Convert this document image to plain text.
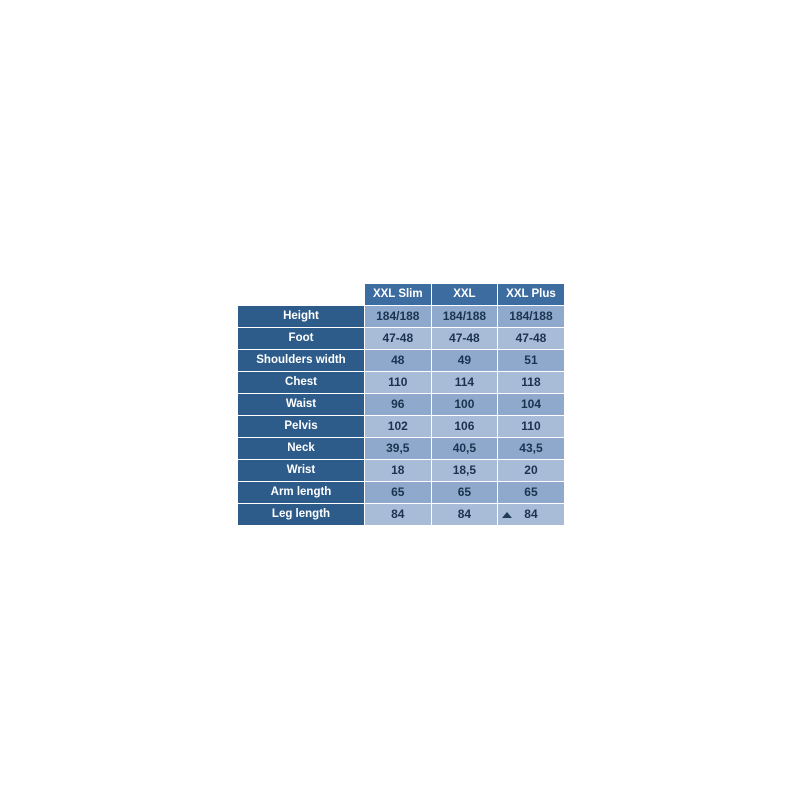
	XXL Slim	XXL	XXL Plus
Height	184/188	184/188	184/188
Foot	47-48	47-48	47-48
Shoulders width	48	49	51
Chest	110	114	118
Waist	96	100	104
Pelvis	102	106	110
Neck	39,5	40,5	43,5
Wrist	18	18,5	20
Arm length	65	65	65
Leg length	84	84	84
